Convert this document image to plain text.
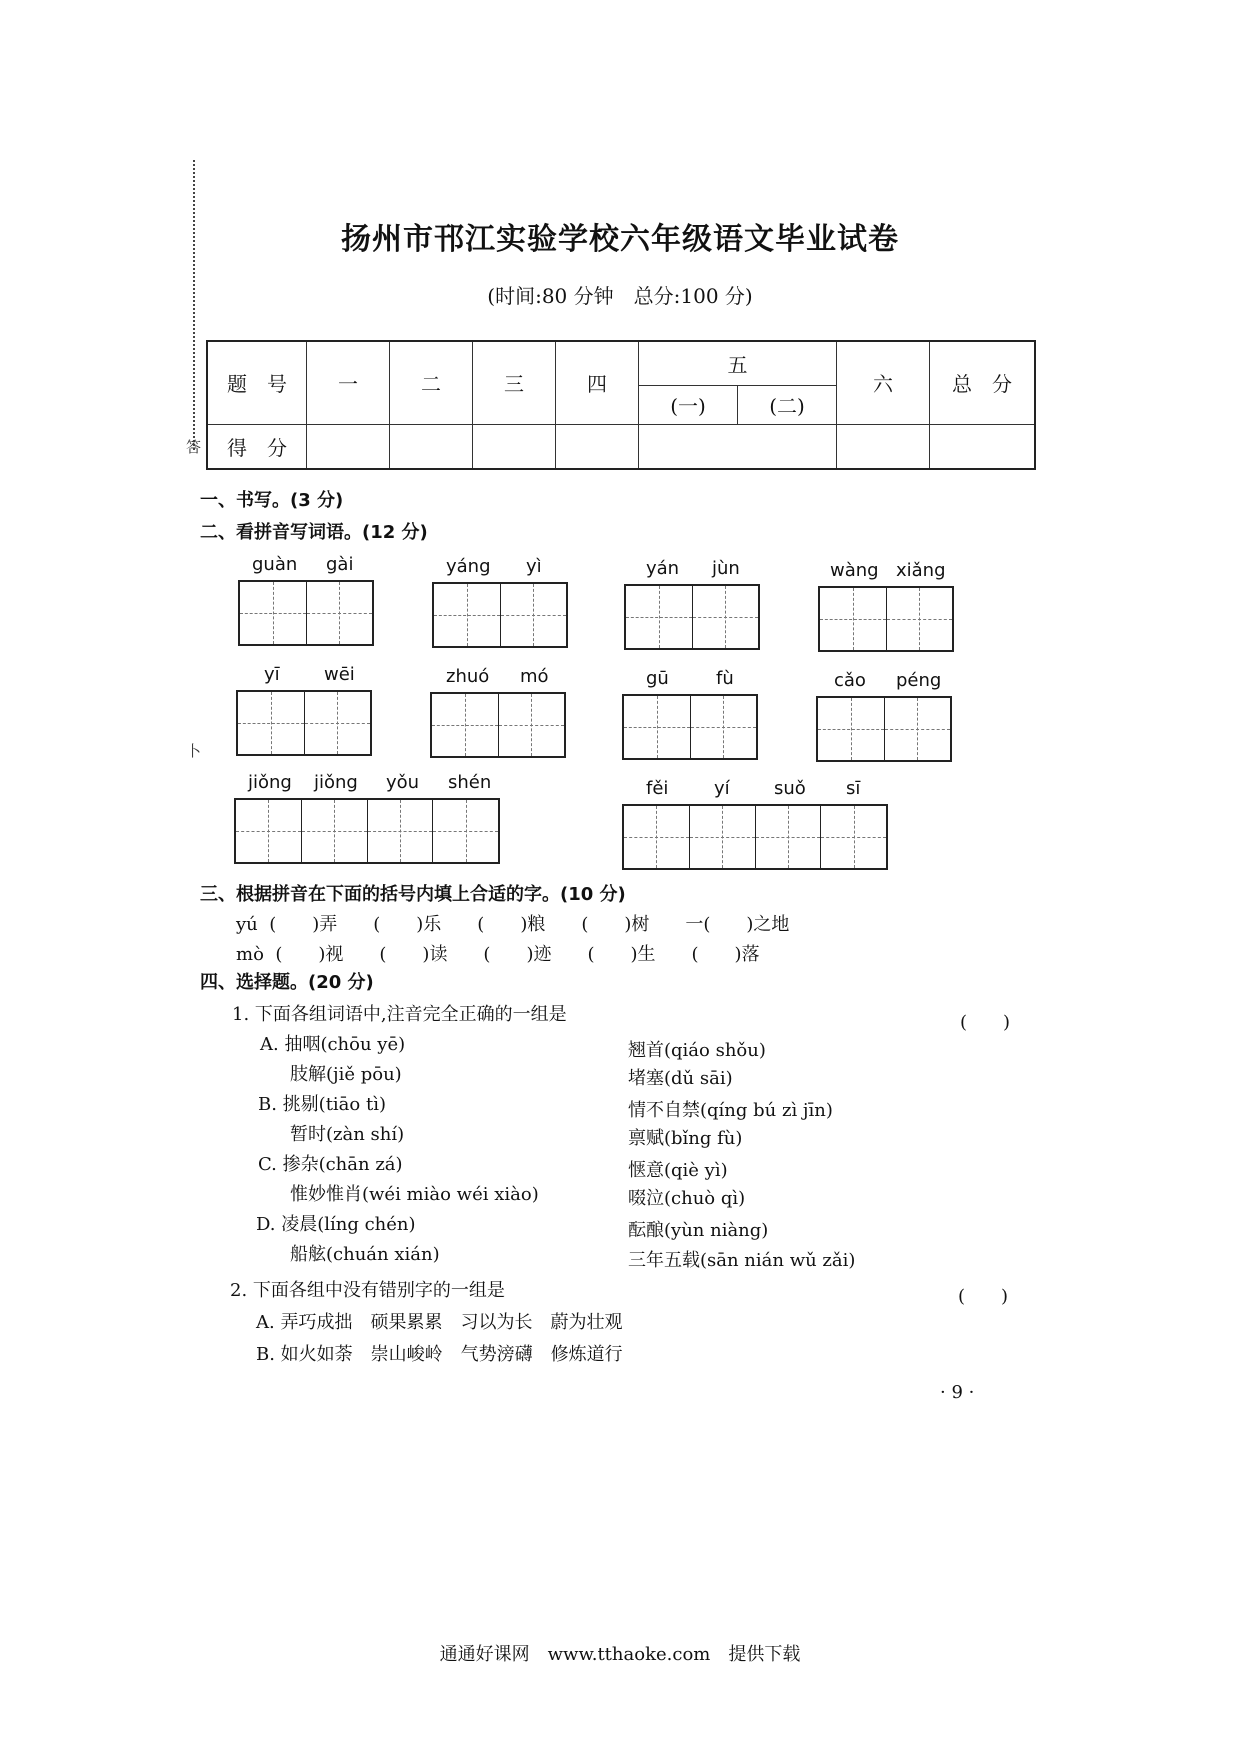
答
卜
扬州市邗江实验学校六年级语文毕业试卷
(时间:80 分钟　总分:100 分)
题　号	一	二	三	四	五		六	总　分
					(一)	(二)		
得　分								
一、书写。(3 分)
二、看拼音写词语。(12 分)
guàn gài	yáng yì	yán jùn	wàng xiǎng
yī wēi	zhuó mó	gū	fù	cǎo péng
jiǒng jiǒng yǒu shén	fěi	yí suǒ sī
三、根据拼音在下面的括号内填上合适的字。(10 分)
yú  (　　)弄　　(　　)乐　　(　　)粮　　(　　)树　　一(　　)之地
mò  (　　)视　　(　　)读　　(　　)迹　　(　　)生　　(　　)落
四、选择题。(20 分)
1. 下面各组词语中,注音完全正确的一组是	(　　)
A. 抽咽(chōu yē)
肢解(jiě pōu)
翘首(qiáo shǒu)
堵塞(dǔ sāi)
B. 挑剔(tiāo tì)
暂时(zàn shí)
情不自禁(qíng bú zì jīn)
禀赋(bǐng fù)
C. 掺杂(chān zá)
惟妙惟肖(wéi miào wéi xiào)
惬意(qiè yì)
啜泣(chuò qì)
D. 凌晨(líng chén)
船舷(chuán xián)
酝酿(yùn niàng)
三年五载(sān nián wǔ zǎi)
2. 下面各组中没有错别字的一组是	(　　)
A. 弄巧成拙　硕果累累　习以为长　蔚为壮观
B. 如火如荼　崇山峻岭　气势滂礴　修炼道行
· 9 ·
通通好课网　www.tthaoke.com　提供下载
